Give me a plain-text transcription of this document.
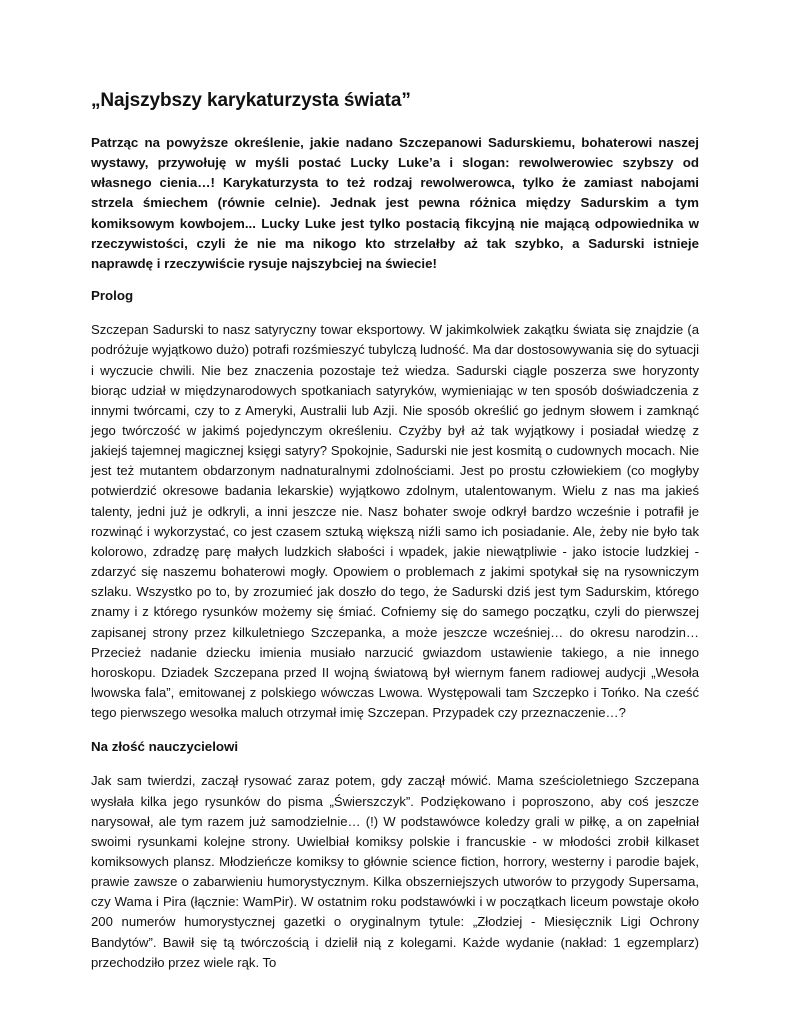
„Najszybszy karykaturzysta świata”

Patrząc na powyższe określenie, jakie nadano Szczepanowi Sadurskiemu, bohaterowi naszej wystawy, przywołuję w myśli postać Lucky Luke’a i slogan: rewolwerowiec szybszy od własnego cienia…! Karykaturzysta to też rodzaj rewolwerowca, tylko że zamiast nabojami strzela śmiechem (równie celnie). Jednak jest pewna różnica między Sadurskim a tym komiksowym kowbojem... Lucky Luke jest tylko postacią fikcyjną nie mającą odpowiednika w rzeczywistości, czyli że nie ma nikogo kto strzelałby aż tak szybko, a Sadurski istnieje naprawdę i rzeczywiście rysuje najszybciej na świecie!

Prolog

Szczepan Sadurski to nasz satyryczny towar eksportowy. W jakimkolwiek zakątku świata się znajdzie (a podróżuje wyjątkowo dużo) potrafi rozśmieszyć tubylczą ludność. Ma dar dostosowywania się do sytuacji i wyczucie chwili. Nie bez znaczenia pozostaje też wiedza. Sadurski ciągle poszerza swe horyzonty biorąc udział w międzynarodowych spotkaniach satyryków, wymieniając w ten sposób doświadczenia z innymi twórcami, czy to z Ameryki, Australii lub Azji. Nie sposób określić go jednym słowem i zamknąć jego twórczość w jakimś pojedynczym określeniu. Czyżby był aż tak wyjątkowy i posiadał wiedzę z jakiejś tajemnej magicznej księgi satyry? Spokojnie, Sadurski nie jest kosmitą o cudownych mocach. Nie jest też mutantem obdarzonym nadnaturalnymi zdolnościami. Jest po prostu człowiekiem (co mogłyby potwierdzić okresowe badania lekarskie) wyjątkowo zdolnym, utalentowanym. Wielu z nas ma jakieś talenty, jedni już je odkryli, a inni jeszcze nie. Nasz bohater swoje odkrył bardzo wcześnie i potrafił je rozwinąć i wykorzystać, co jest czasem sztuką większą niźli samo ich posiadanie. Ale, żeby nie było tak kolorowo, zdradzę parę małych ludzkich słabości i wpadek, jakie niewątpliwie - jako istocie ludzkiej - zdarzyć się naszemu bohaterowi mogły. Opowiem o problemach z jakimi spotykał się na rysowniczym szlaku. Wszystko po to, by zrozumieć jak doszło do tego, że Sadurski dziś jest tym Sadurskim, którego znamy i z którego rysunków możemy się śmiać. Cofniemy się do samego początku, czyli do pierwszej zapisanej strony przez kilkuletniego Szczepanka, a może jeszcze wcześniej… do okresu narodzin… Przecież nadanie dziecku imienia musiało narzucić gwiazdom ustawienie takiego, a nie innego horoskopu. Dziadek Szczepana przed II wojną światową był wiernym fanem radiowej audycji „Wesoła lwowska fala”, emitowanej z polskiego wówczas Lwowa. Występowali tam Szczepko i Tońko. Na cześć tego pierwszego wesołka maluch otrzymał imię Szczepan. Przypadek czy przeznaczenie…?

Na złość nauczycielowi

Jak sam twierdzi, zaczął rysować zaraz potem, gdy zaczął mówić. Mama sześcioletniego Szczepana wysłała kilka jego rysunków do pisma „Świerszczyk”. Podziękowano i poproszono, aby coś jeszcze narysował, ale tym razem już samodzielnie… (!) W podstawówce koledzy grali w piłkę, a on zapełniał swoimi rysunkami kolejne strony. Uwielbiał komiksy polskie i francuskie - w młodości zrobił kilkaset komiksowych plansz. Młodzieńcze komiksy to głównie science fiction, horrory, westerny i parodie bajek, prawie zawsze o zabarwieniu humorystycznym. Kilka obszerniejszych utworów to przygody Supersama, czy Wama i Pira (łącznie: WamPir). W ostatnim roku podstawówki i w początkach liceum powstaje około 200 numerów humorystycznej gazetki o oryginalnym tytule: „Złodziej - Miesięcznik Ligi Ochrony Bandytów”. Bawił się tą twórczością i dzielił nią z kolegami. Każde wydanie (nakład: 1 egzemplarz) przechodziło przez wiele rąk. To
